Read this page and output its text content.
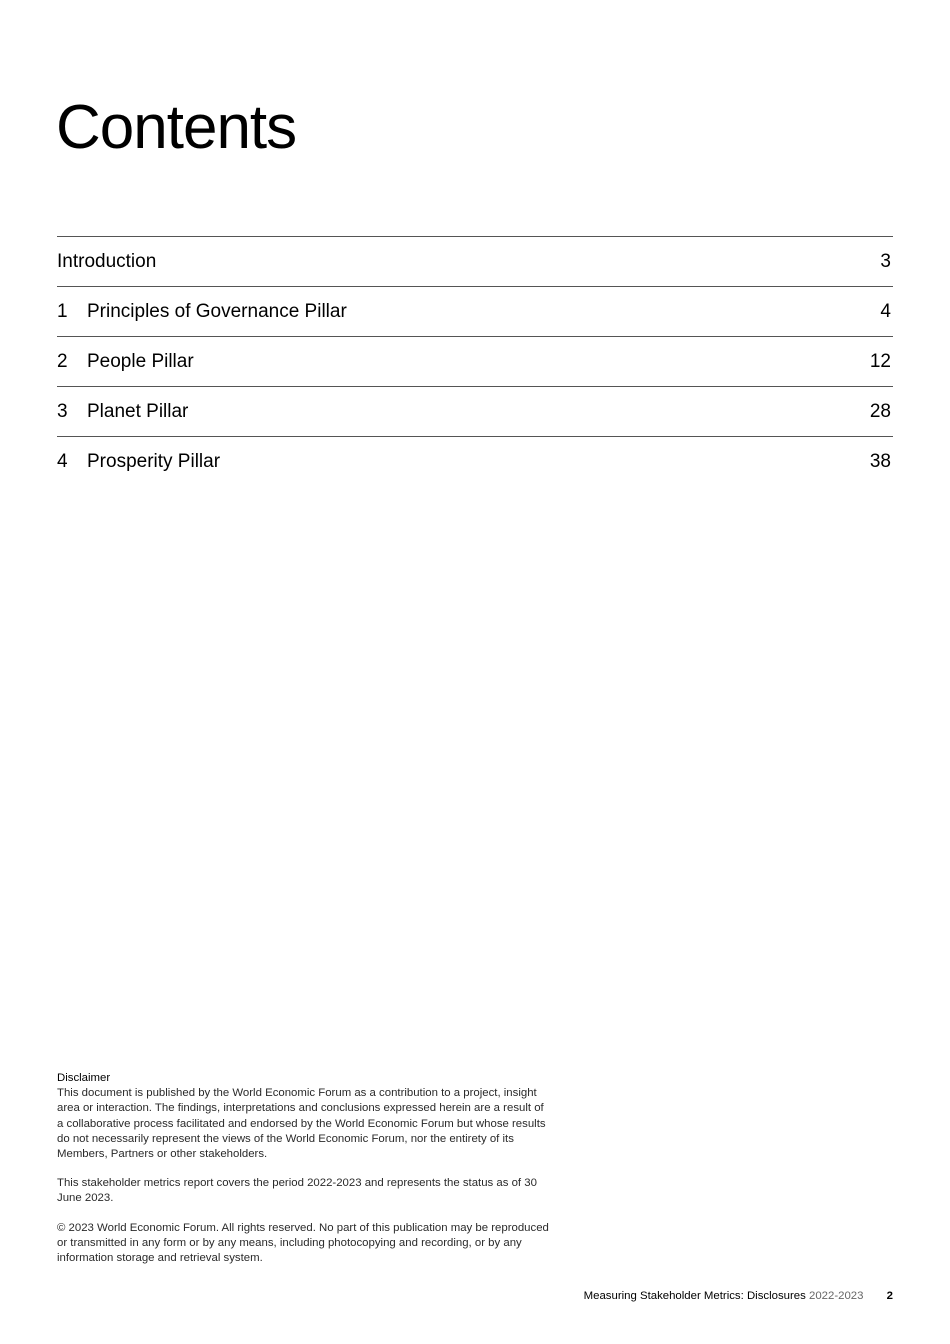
Contents
Introduction	3
1	Principles of Governance Pillar	4
2	People Pillar	12
3	Planet Pillar	28
4	Prosperity Pillar	38

Disclaimer
This document is published by the World Economic Forum as a contribution to a project, insight area or interaction. The findings, interpretations and conclusions expressed herein are a result of a collaborative process facilitated and endorsed by the World Economic Forum but whose results do not necessarily represent the views of the World Economic Forum, nor the entirety of its Members, Partners or other stakeholders.

This stakeholder metrics report covers the period 2022-2023 and represents the status as of 30 June 2023.

© 2023 World Economic Forum. All rights reserved. No part of this publication may be reproduced or transmitted in any form or by any means, including photocopying and recording, or by any information storage and retrieval system.

Measuring Stakeholder Metrics: Disclosures 2022-2023 2
